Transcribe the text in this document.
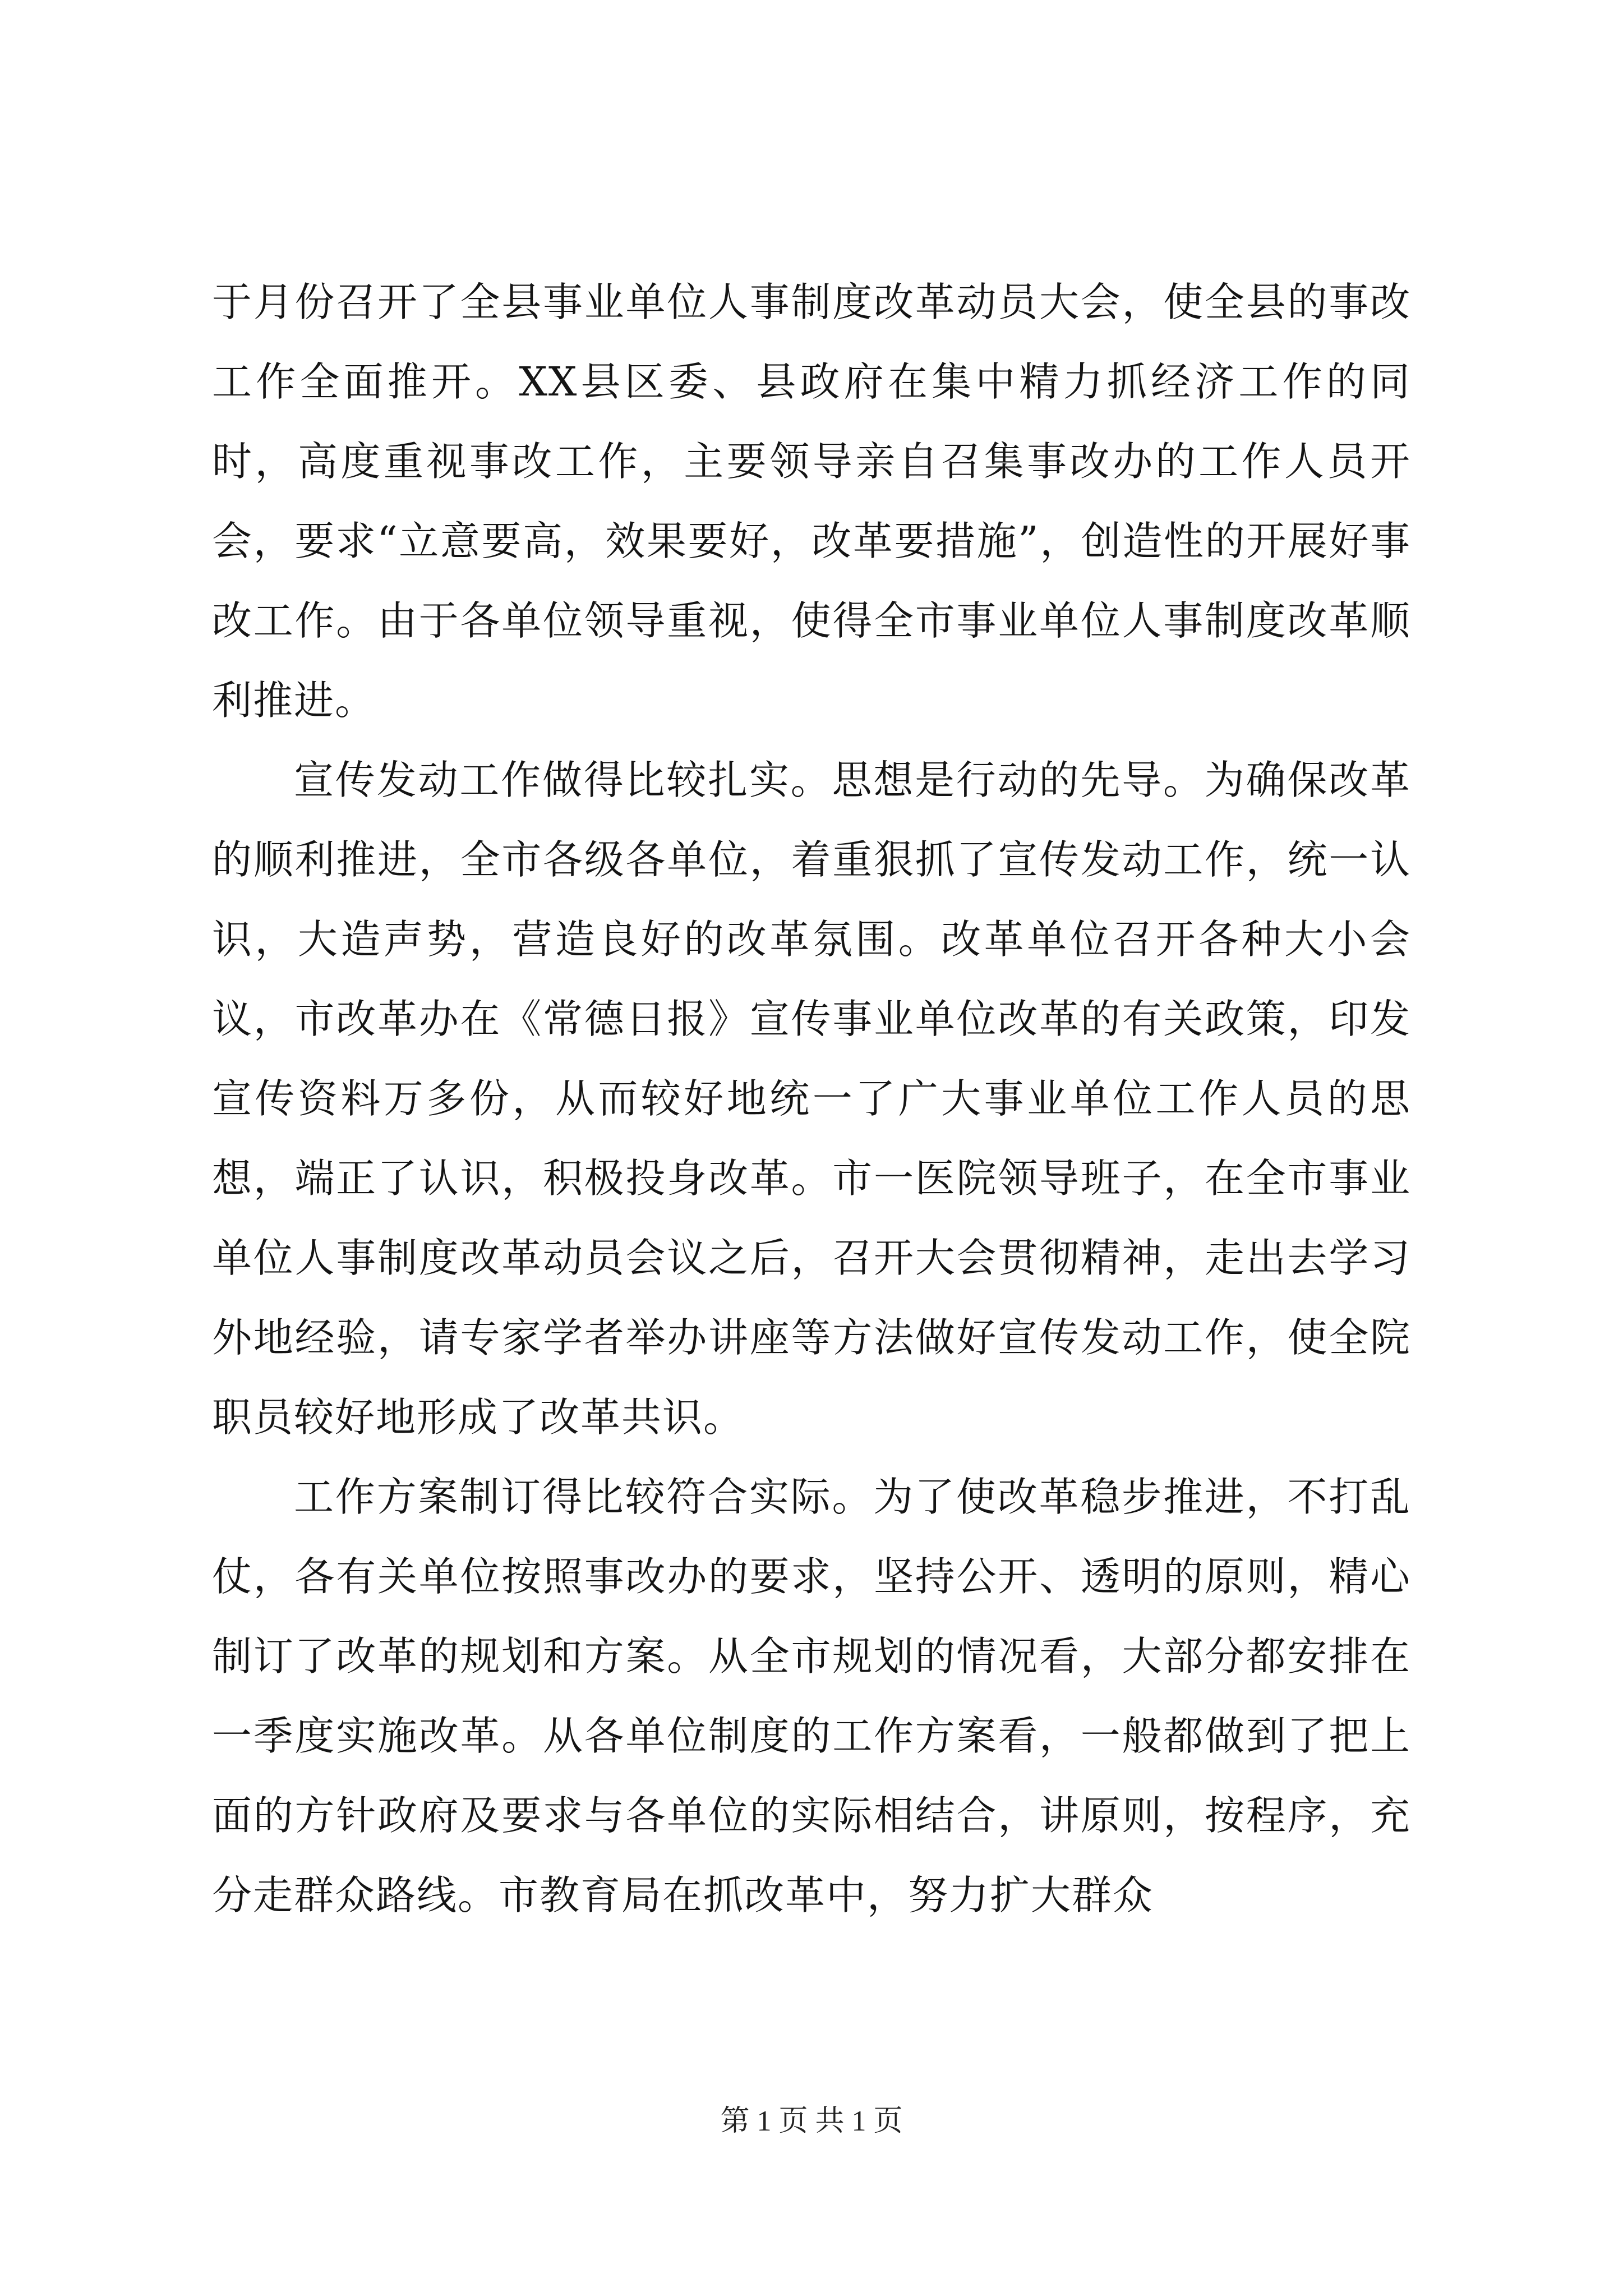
于月份召开了全县事业单位人事制度改革动员大会，使全县的事改工作全面推开。XX县区委、县政府在集中精力抓经济工作的同时，高度重视事改工作，主要领导亲自召集事改办的工作人员开会，要求“立意要高，效果要好，改革要措施”，创造性的开展好事改工作。由于各单位领导重视，使得全市事业单位人事制度改革顺利推进。

宣传发动工作做得比较扎实。思想是行动的先导。为确保改革的顺利推进，全市各级各单位，着重狠抓了宣传发动工作，统一认识，大造声势，营造良好的改革氛围。改革单位召开各种大小会议，市改革办在《常德日报》宣传事业单位改革的有关政策，印发宣传资料万多份，从而较好地统一了广大事业单位工作人员的思想，端正了认识，积极投身改革。市一医院领导班子，在全市事业单位人事制度改革动员会议之后，召开大会贯彻精神，走出去学习外地经验，请专家学者举办讲座等方法做好宣传发动工作，使全院职员较好地形成了改革共识。

工作方案制订得比较符合实际。为了使改革稳步推进，不打乱仗，各有关单位按照事改办的要求，坚持公开、透明的原则，精心制订了改革的规划和方案。从全市规划的情况看，大部分都安排在一季度实施改革。从各单位制度的工作方案看，一般都做到了把上面的方针政府及要求与各单位的实际相结合，讲原则，按程序，充分走群众路线。市教育局在抓改革中，努力扩大群众

第 1 页 共 1 页
